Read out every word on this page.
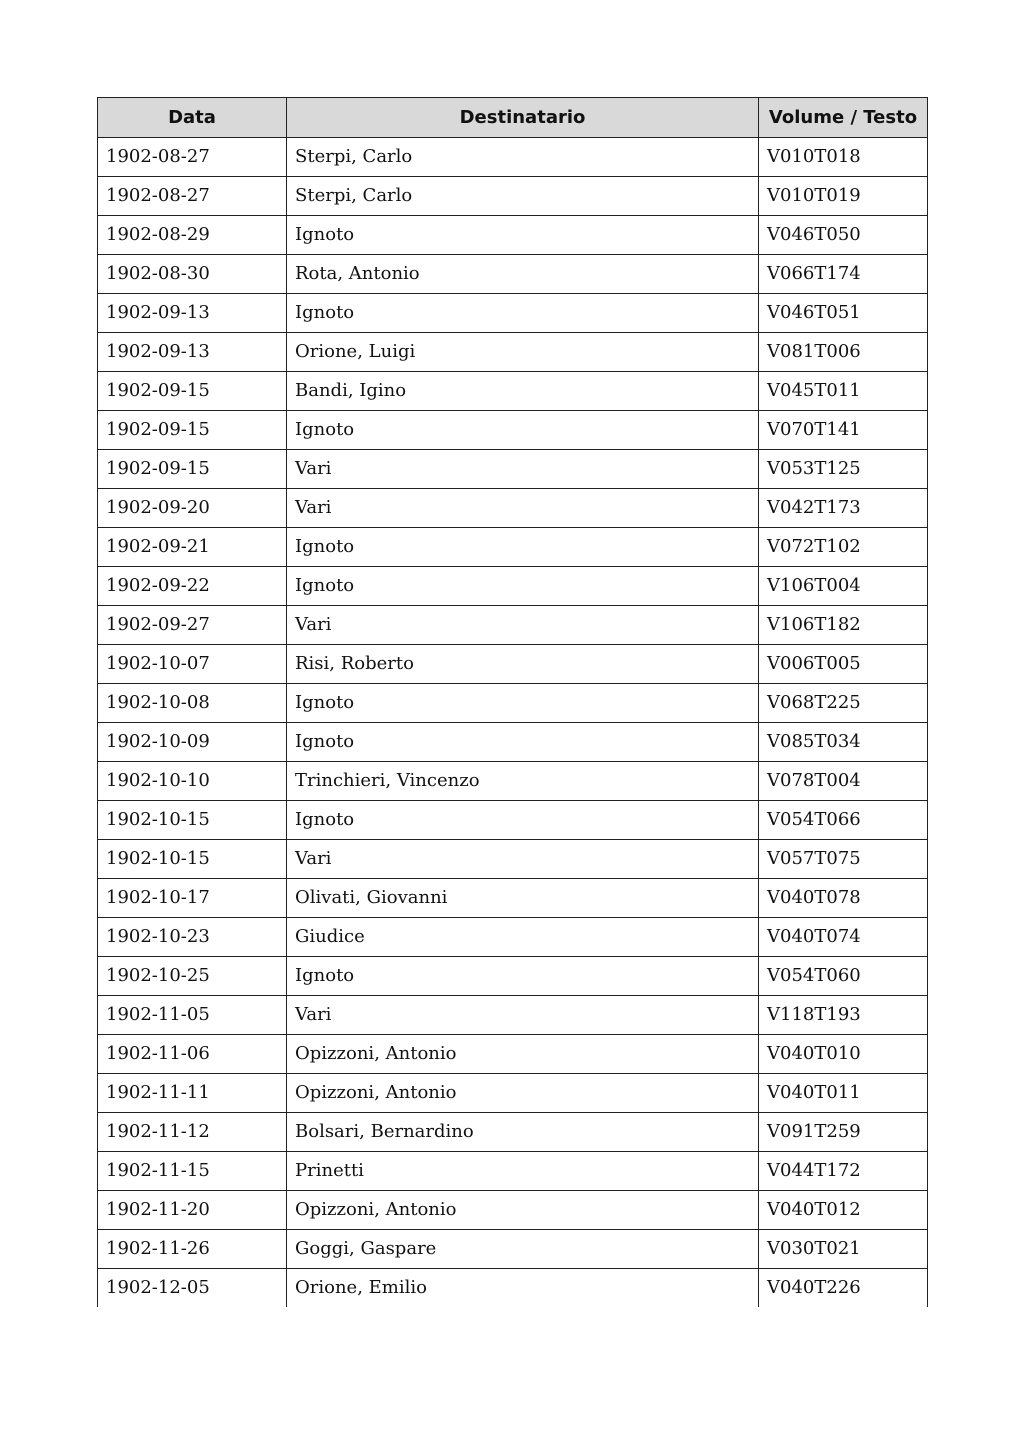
Data	Destinatario	Volume / Testo
1902-08-27	Sterpi, Carlo	V010T018
1902-08-27	Sterpi, Carlo	V010T019
1902-08-29	Ignoto	V046T050
1902-08-30	Rota, Antonio	V066T174
1902-09-13	Ignoto	V046T051
1902-09-13	Orione, Luigi	V081T006
1902-09-15	Bandi, Igino	V045T011
1902-09-15	Ignoto	V070T141
1902-09-15	Vari	V053T125
1902-09-20	Vari	V042T173
1902-09-21	Ignoto	V072T102
1902-09-22	Ignoto	V106T004
1902-09-27	Vari	V106T182
1902-10-07	Risi, Roberto	V006T005
1902-10-08	Ignoto	V068T225
1902-10-09	Ignoto	V085T034
1902-10-10	Trinchieri, Vincenzo	V078T004
1902-10-15	Ignoto	V054T066
1902-10-15	Vari	V057T075
1902-10-17	Olivati, Giovanni	V040T078
1902-10-23	Giudice	V040T074
1902-10-25	Ignoto	V054T060
1902-11-05	Vari	V118T193
1902-11-06	Opizzoni, Antonio	V040T010
1902-11-11	Opizzoni, Antonio	V040T011
1902-11-12	Bolsari, Bernardino	V091T259
1902-11-15	Prinetti	V044T172
1902-11-20	Opizzoni, Antonio	V040T012
1902-11-26	Goggi, Gaspare	V030T021
1902-12-05	Orione, Emilio	V040T226
